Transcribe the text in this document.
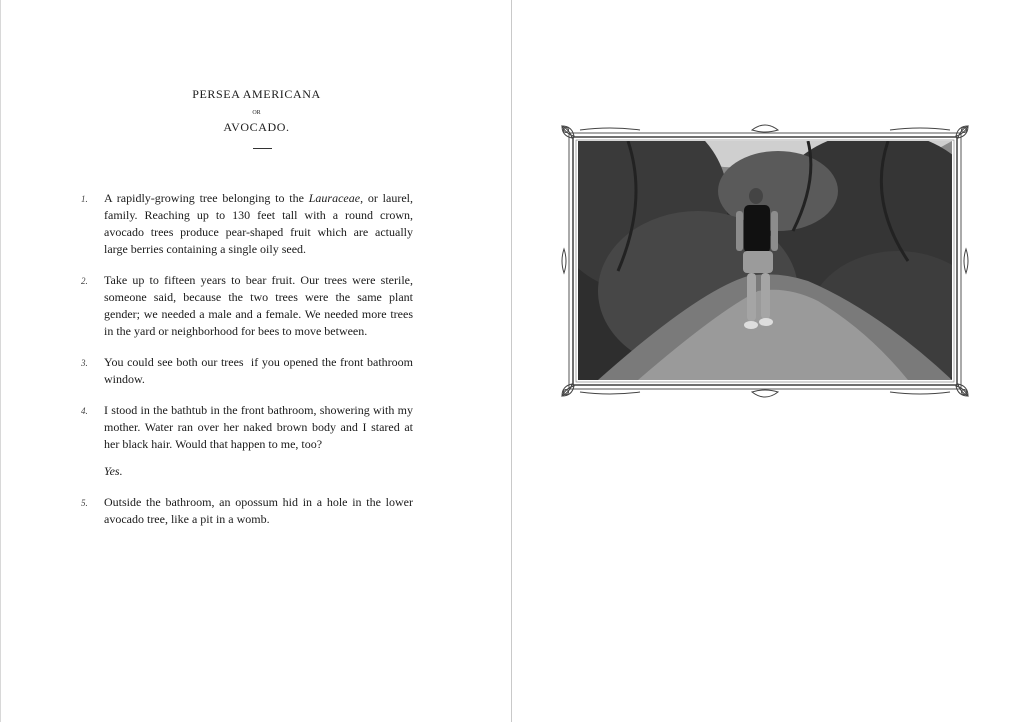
PERSEA AMERICANA
or
AVOCADO.
1. A rapidly-growing tree belonging to the Lauraceae, or laurel, family. Reaching up to 130 feet tall with a round crown, avocado trees produce pear-shaped fruit which are actually large berries containing a single oily seed.
2. Take up to fifteen years to bear fruit. Our trees were sterile, someone said, because the two trees were the same plant gender; we needed a male and a female. We needed more trees in the yard or neighborhood for bees to move between.
3. You could see both our trees  if you opened the front bathroom window.
4. I stood in the bathtub in the front bathroom, showering with my mother. Water ran over her naked brown body and I stared at her black hair. Would that happen to me, too?
Yes.
5. Outside the bathroom, an opossum hid in a hole in the lower avocado tree, like a pit in a womb.
